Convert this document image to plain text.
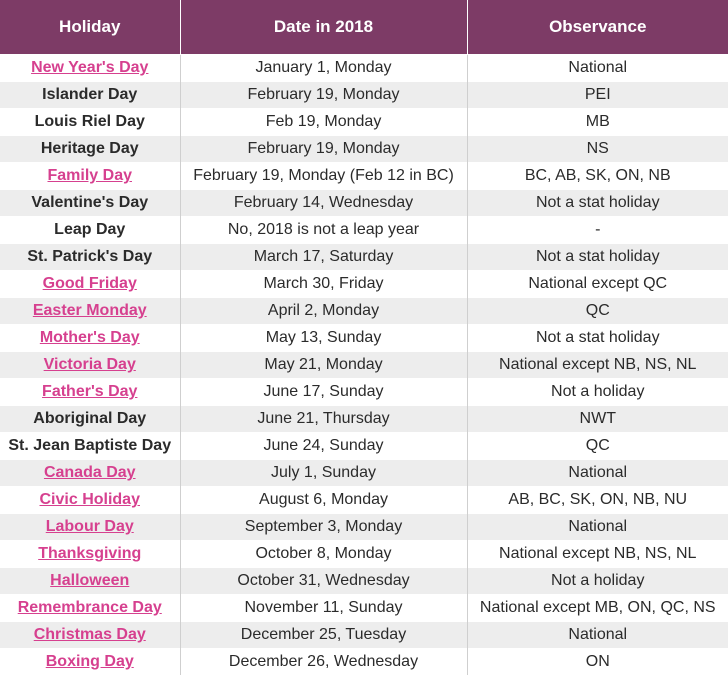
Holiday	Date in 2018	Observance
New Year's Day	January 1, Monday	National
Islander Day	February 19, Monday	PEI
Louis Riel Day	Feb 19, Monday	MB
Heritage Day	February 19, Monday	NS
Family Day	February 19, Monday (Feb 12 in BC)	BC, AB, SK, ON, NB
Valentine's Day	February 14, Wednesday	Not a stat holiday
Leap Day	No, 2018 is not a leap year	-
St. Patrick's Day	March 17, Saturday	Not a stat holiday
Good Friday	March 30, Friday	National except QC
Easter Monday	April 2, Monday	QC
Mother's Day	May 13, Sunday	Not a stat holiday
Victoria Day	May 21, Monday	National except NB, NS, NL
Father's Day	June 17, Sunday	Not a holiday
Aboriginal Day	June 21, Thursday	NWT
St. Jean Baptiste Day	June 24, Sunday	QC
Canada Day	July 1, Sunday	National
Civic Holiday	August 6, Monday	AB, BC, SK, ON, NB, NU
Labour Day	September 3, Monday	National
Thanksgiving	October 8, Monday	National except NB, NS, NL
Halloween	October 31, Wednesday	Not a holiday
Remembrance Day	November 11, Sunday	National except MB, ON, QC, NS
Christmas Day	December 25, Tuesday	National
Boxing Day	December 26, Wednesday	ON
